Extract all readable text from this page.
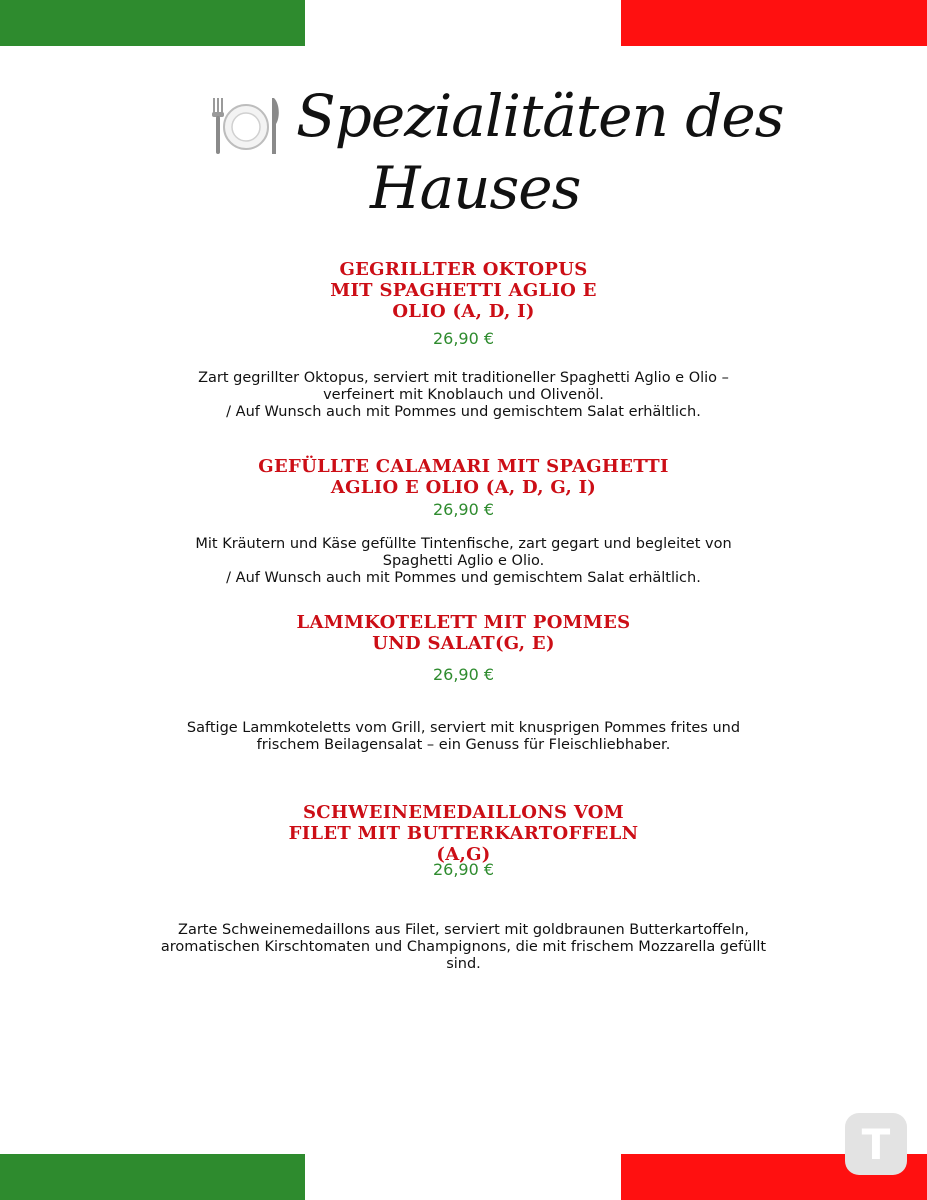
Spezialitäten des
Hauses
GEGRILLTER OKTOPUS
MIT SPAGHETTI AGLIO E
OLIO (A, D, I)
26,90 €
Zart gegrillter Oktopus, serviert mit traditioneller Spaghetti Aglio e Olio –
verfeinert mit Knoblauch und Olivenöl.
/ Auf Wunsch auch mit Pommes und gemischtem Salat erhältlich.
GEFÜLLTE CALAMARI MIT SPAGHETTI
AGLIO E OLIO (A, D, G, I)
26,90 €
Mit Kräutern und Käse gefüllte Tintenfische, zart gegart und begleitet von
Spaghetti Aglio e Olio.
/ Auf Wunsch auch mit Pommes und gemischtem Salat erhältlich.
LAMMKOTELETT MIT POMMES
UND SALAT(G, E)
26,90 €
Saftige Lammkoteletts vom Grill, serviert mit knusprigen Pommes frites und
frischem Beilagensalat – ein Genuss für Fleischliebhaber.
SCHWEINEMEDAILLONS VOM
FILET MIT BUTTERKARTOFFELN
(A,G)
26,90 €
Zarte Schweinemedaillons aus Filet, serviert mit goldbraunen Butterkartoffeln,
aromatischen Kirschtomaten und Champignons, die mit frischem Mozzarella gefüllt
sind.
T
